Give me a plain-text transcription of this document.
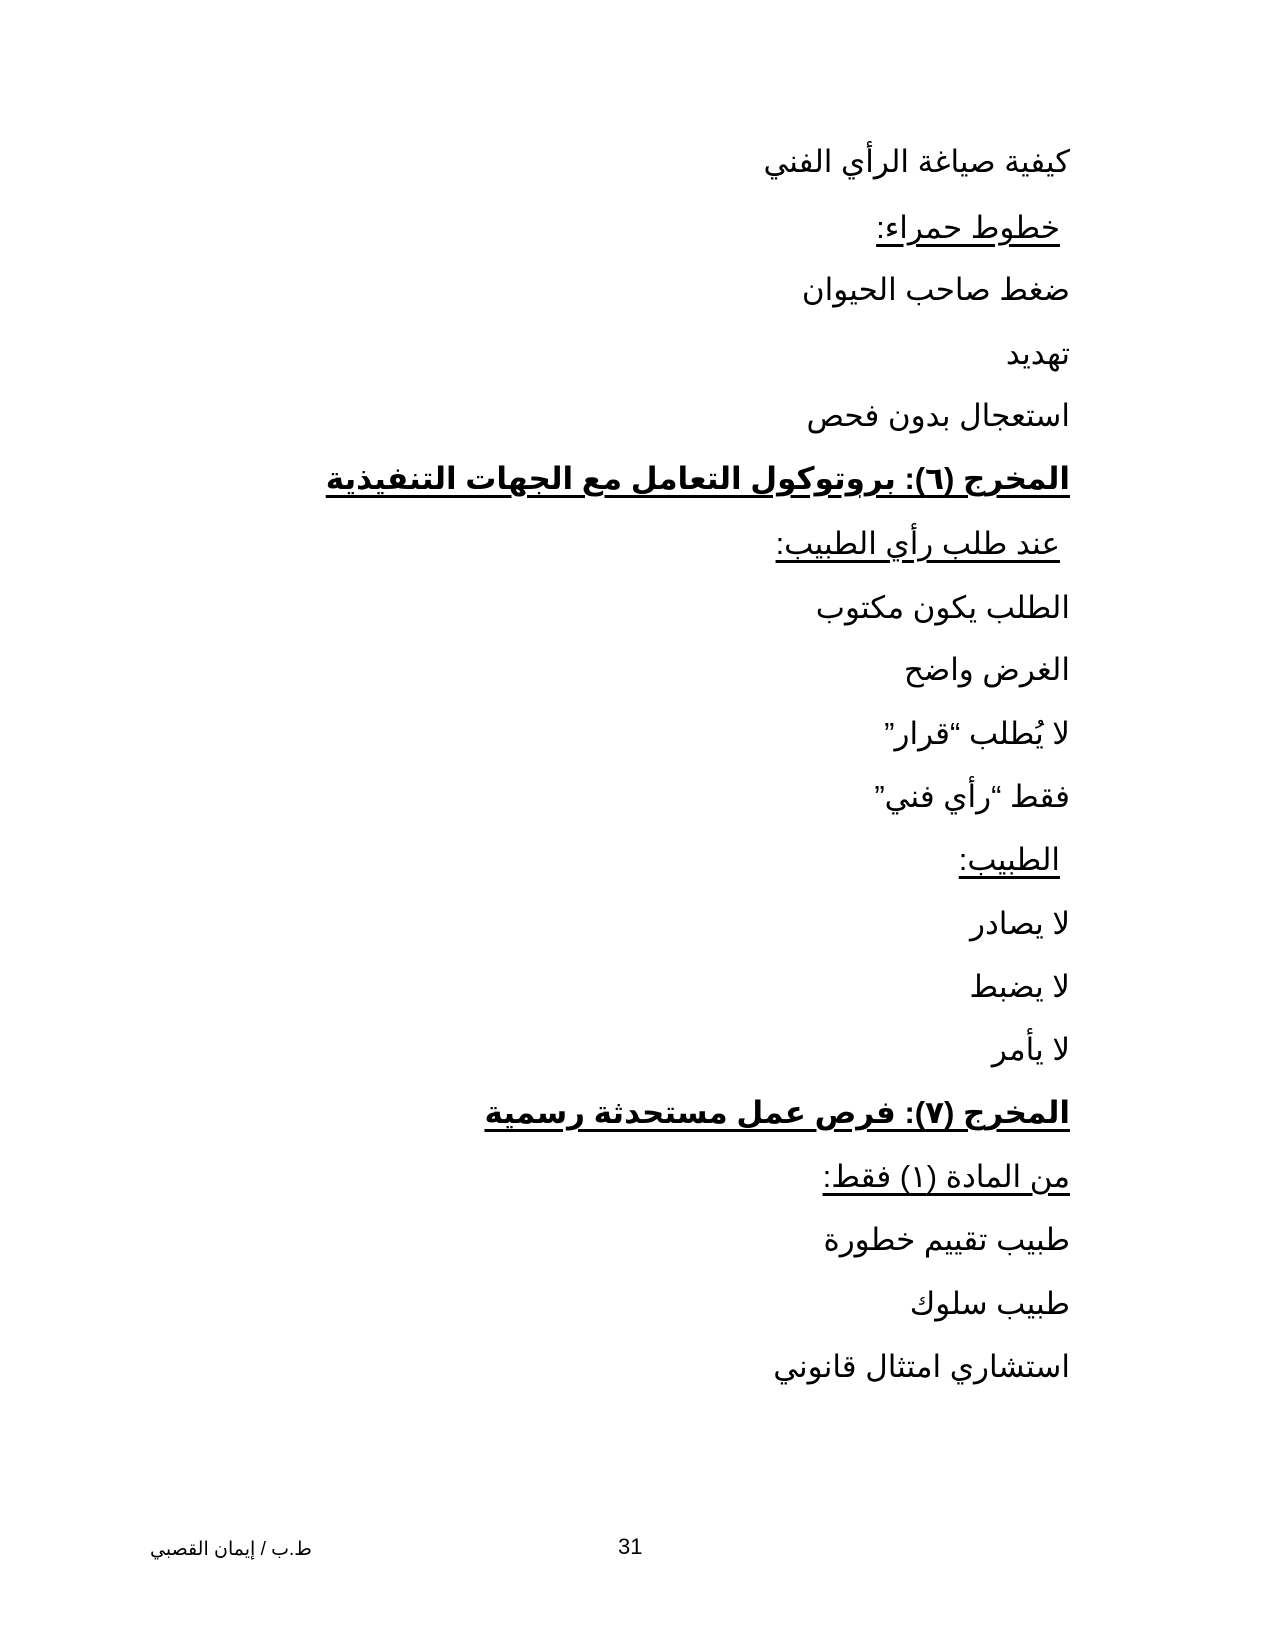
كيفية صياغة الرأي الفني
خطوط حمراء:
ضغط صاحب الحيوان
تهديد
استعجال بدون فحص
المخرج (٦): بروتوكول التعامل مع الجهات التنفيذية
عند طلب رأي الطبيب:
الطلب يكون مكتوب
الغرض واضح
لا يُطلب “قرار”
فقط “رأي فني”
الطبيب:
لا يصادر
لا يضبط
لا يأمر
المخرج (٧): فرص عمل مستحدثة رسمية
من المادة (١) فقط:
طبيب تقييم خطورة
طبيب سلوك
استشاري امتثال قانوني
ط.ب / إيمان القصبي	31
